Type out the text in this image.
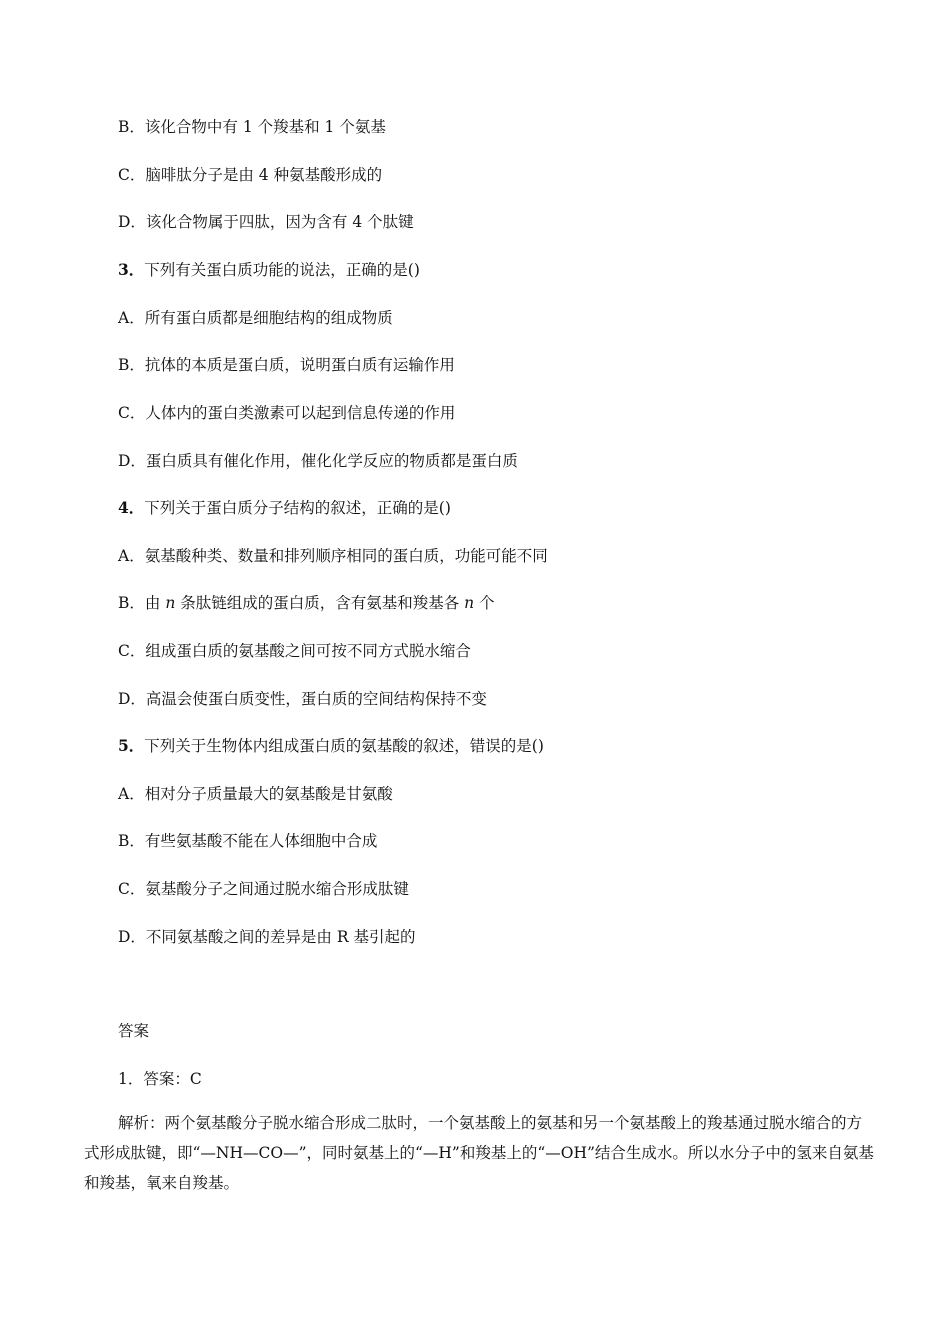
B．该化合物中有 1 个羧基和 1 个氨基
C．脑啡肽分子是由 4 种氨基酸形成的
D．该化合物属于四肽，因为含有 4 个肽键
3．下列有关蛋白质功能的说法，正确的是()
A．所有蛋白质都是细胞结构的组成物质
B．抗体的本质是蛋白质，说明蛋白质有运输作用
C．人体内的蛋白类激素可以起到信息传递的作用
D．蛋白质具有催化作用，催化化学反应的物质都是蛋白质
4．下列关于蛋白质分子结构的叙述，正确的是()
A．氨基酸种类、数量和排列顺序相同的蛋白质，功能可能不同
B．由 n 条肽链组成的蛋白质，含有氨基和羧基各 n 个
C．组成蛋白质的氨基酸之间可按不同方式脱水缩合
D．高温会使蛋白质变性，蛋白质的空间结构保持不变
5．下列关于生物体内组成蛋白质的氨基酸的叙述，错误的是()
A．相对分子质量最大的氨基酸是甘氨酸
B．有些氨基酸不能在人体细胞中合成
C．氨基酸分子之间通过脱水缩合形成肽键
D．不同氨基酸之间的差异是由 R 基引起的
答案
1．答案：C
解析：两个氨基酸分子脱水缩合形成二肽时，一个氨基酸上的氨基和另一个氨基酸上的羧基通过脱水缩合的方式形成肽键，即“—NH—CO—”，同时氨基上的“—H”和羧基上的“—OH”结合生成水。所以水分子中的氢来自氨基和羧基，氧来自羧基。
